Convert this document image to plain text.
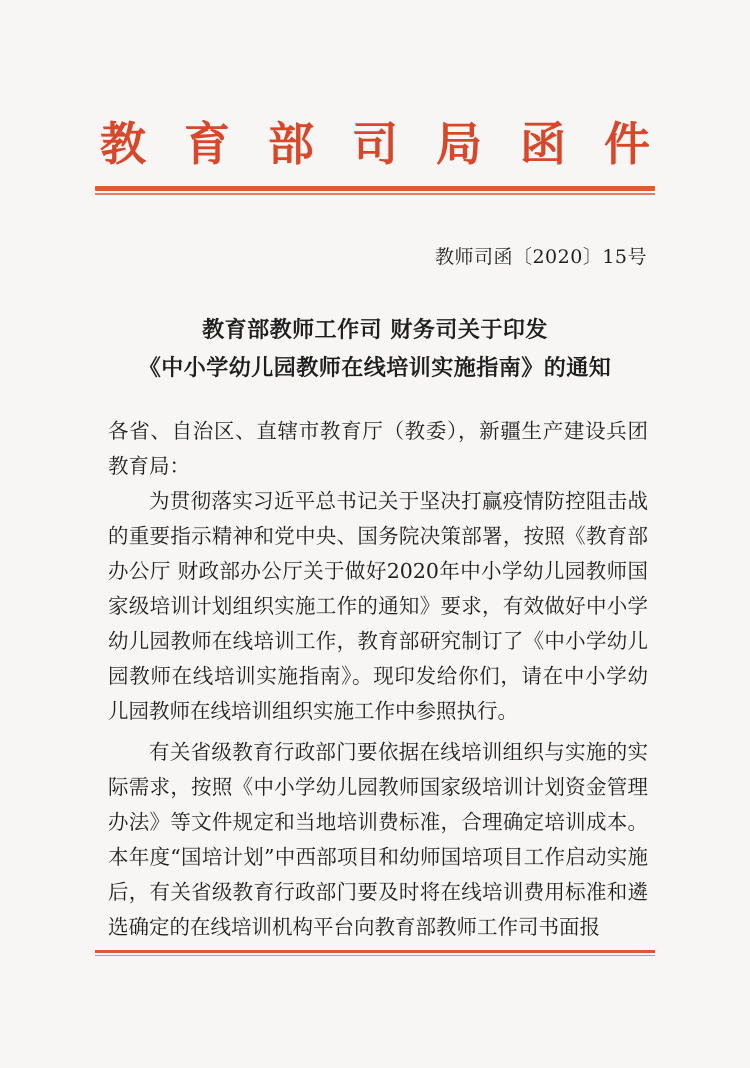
教 育 部 司 局 函 件
教师司函〔2020〕15号
教育部教师工作司 财务司关于印发
《中小学幼儿园教师在线培训实施指南》的通知

各省、自治区、直辖市教育厅（教委），新疆生产建设兵团教育局：

为贯彻落实习近平总书记关于坚决打赢疫情防控阻击战的重要指示精神和党中央、国务院决策部署，按照《教育部办公厅 财政部办公厅关于做好2020年中小学幼儿园教师国家级培训计划组织实施工作的通知》要求，有效做好中小学幼儿园教师在线培训工作，教育部研究制订了《中小学幼儿园教师在线培训实施指南》。现印发给你们，请在中小学幼儿园教师在线培训组织实施工作中参照执行。

有关省级教育行政部门要依据在线培训组织与实施的实际需求，按照《中小学幼儿园教师国家级培训计划资金管理办法》等文件规定和当地培训费标准，合理确定培训成本。本年度“国培计划”中西部项目和幼师国培项目工作启动实施后，有关省级教育行政部门要及时将在线培训费用标准和遴选确定的在线培训机构平台向教育部教师工作司书面报
